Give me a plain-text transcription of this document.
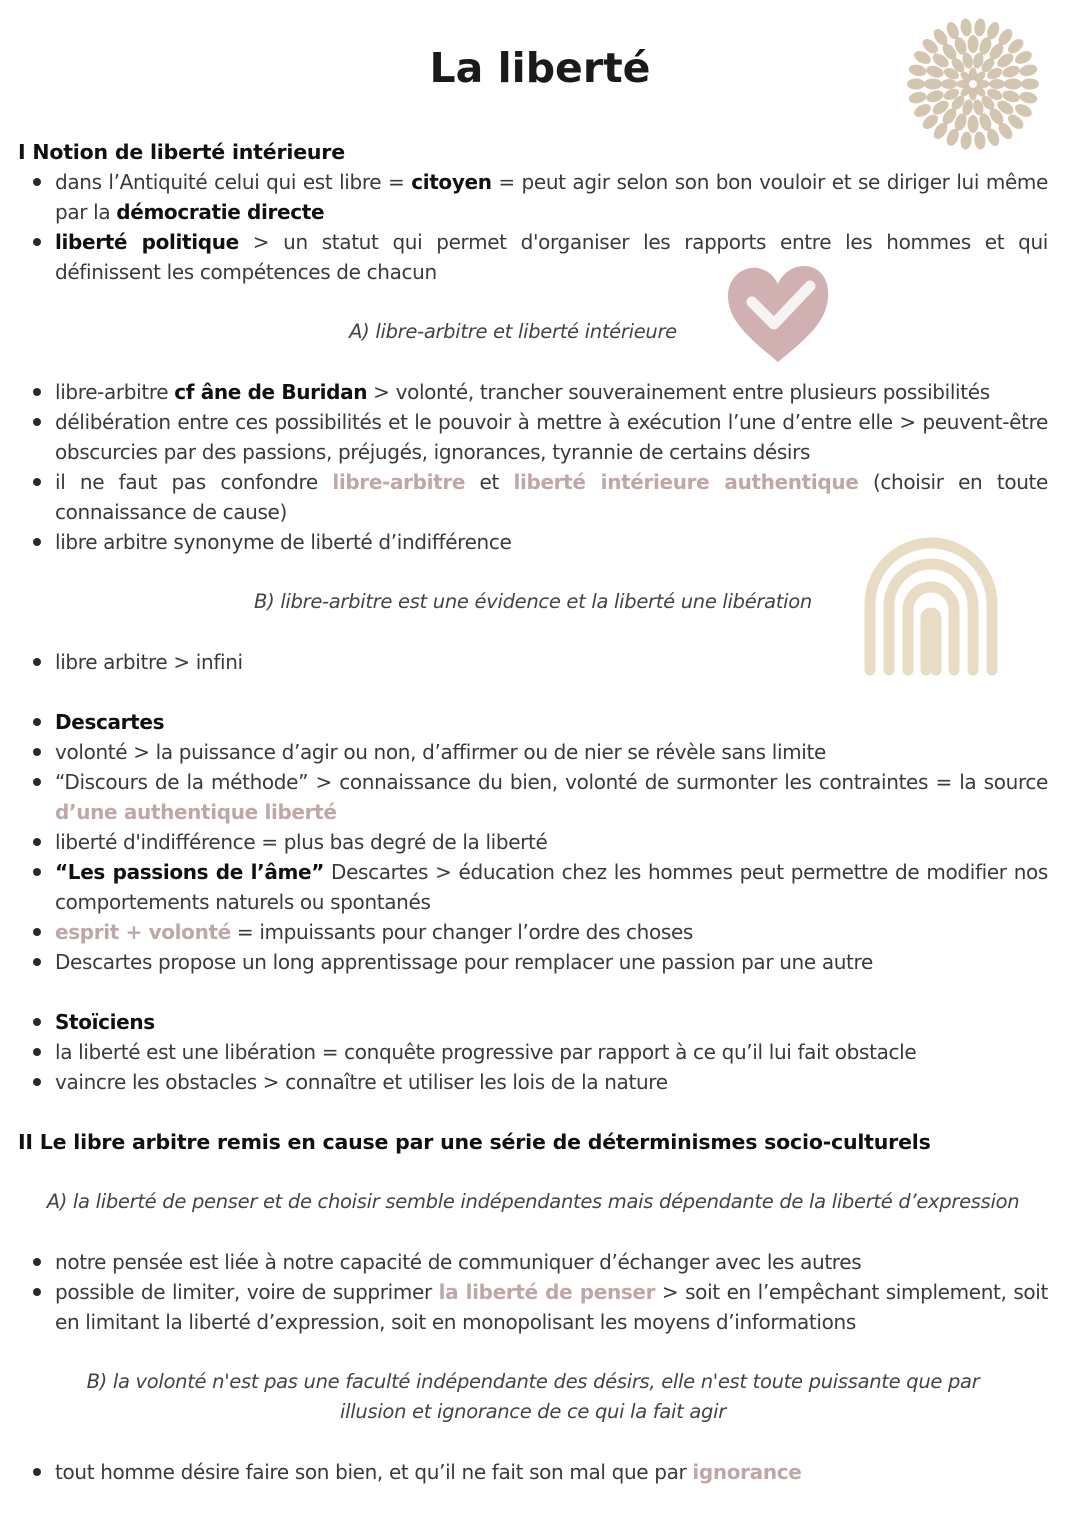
La liberté

I Notion de liberté intérieure

dans l’Antiquité celui qui est libre = citoyen = peut agir selon son bon vouloir et se diriger lui même par la démocratie directe
liberté politique > un statut qui permet d'organiser les rapports entre les hommes et qui définissent les compétences de chacun

A) libre-arbitre et liberté intérieure

libre-arbitre cf âne de Buridan > volonté, trancher souverainement entre plusieurs possibilités
délibération entre ces possibilités et le pouvoir à mettre à exécution l’une d’entre elle > peuvent-être obscurcies par des passions, préjugés, ignorances, tyrannie de certains désirs
il ne faut pas confondre libre-arbitre et liberté intérieure authentique (choisir en toute connaissance de cause)
libre arbitre synonyme de liberté d’indifférence

B) libre-arbitre est une évidence et la liberté une libération

libre arbitre > infini
Descartes
volonté > la puissance d’agir ou non, d’affirmer ou de nier se révèle sans limite
“Discours de la méthode” > connaissance du bien, volonté de surmonter les contraintes = la source d’une authentique liberté
liberté d'indifférence = plus bas degré de la liberté
“Les passions de l’âme” Descartes > éducation chez les hommes peut permettre de modifier nos comportements naturels ou spontanés
esprit + volonté = impuissants pour changer l’ordre des choses
Descartes propose un long apprentissage pour remplacer une passion par une autre
Stoïciens
la liberté est une libération = conquête progressive par rapport à ce qu’il lui fait obstacle
vaincre les obstacles > connaître et utiliser les lois de la nature

II Le libre arbitre remis en cause par une série de déterminismes socio-culturels

A) la liberté de penser et de choisir semble indépendantes mais dépendante de la liberté d’expression

notre pensée est liée à notre capacité de communiquer d’échanger avec les autres
possible de limiter, voire de supprimer la liberté de penser > soit en l’empêchant simplement, soit en limitant la liberté d’expression, soit en monopolisant les moyens d’informations

B) la volonté n'est pas une faculté indépendante des désirs, elle n'est toute puissante que par illusion et ignorance de ce qui la fait agir

tout homme désire faire son bien, et qu’il ne fait son mal que par ignorance
